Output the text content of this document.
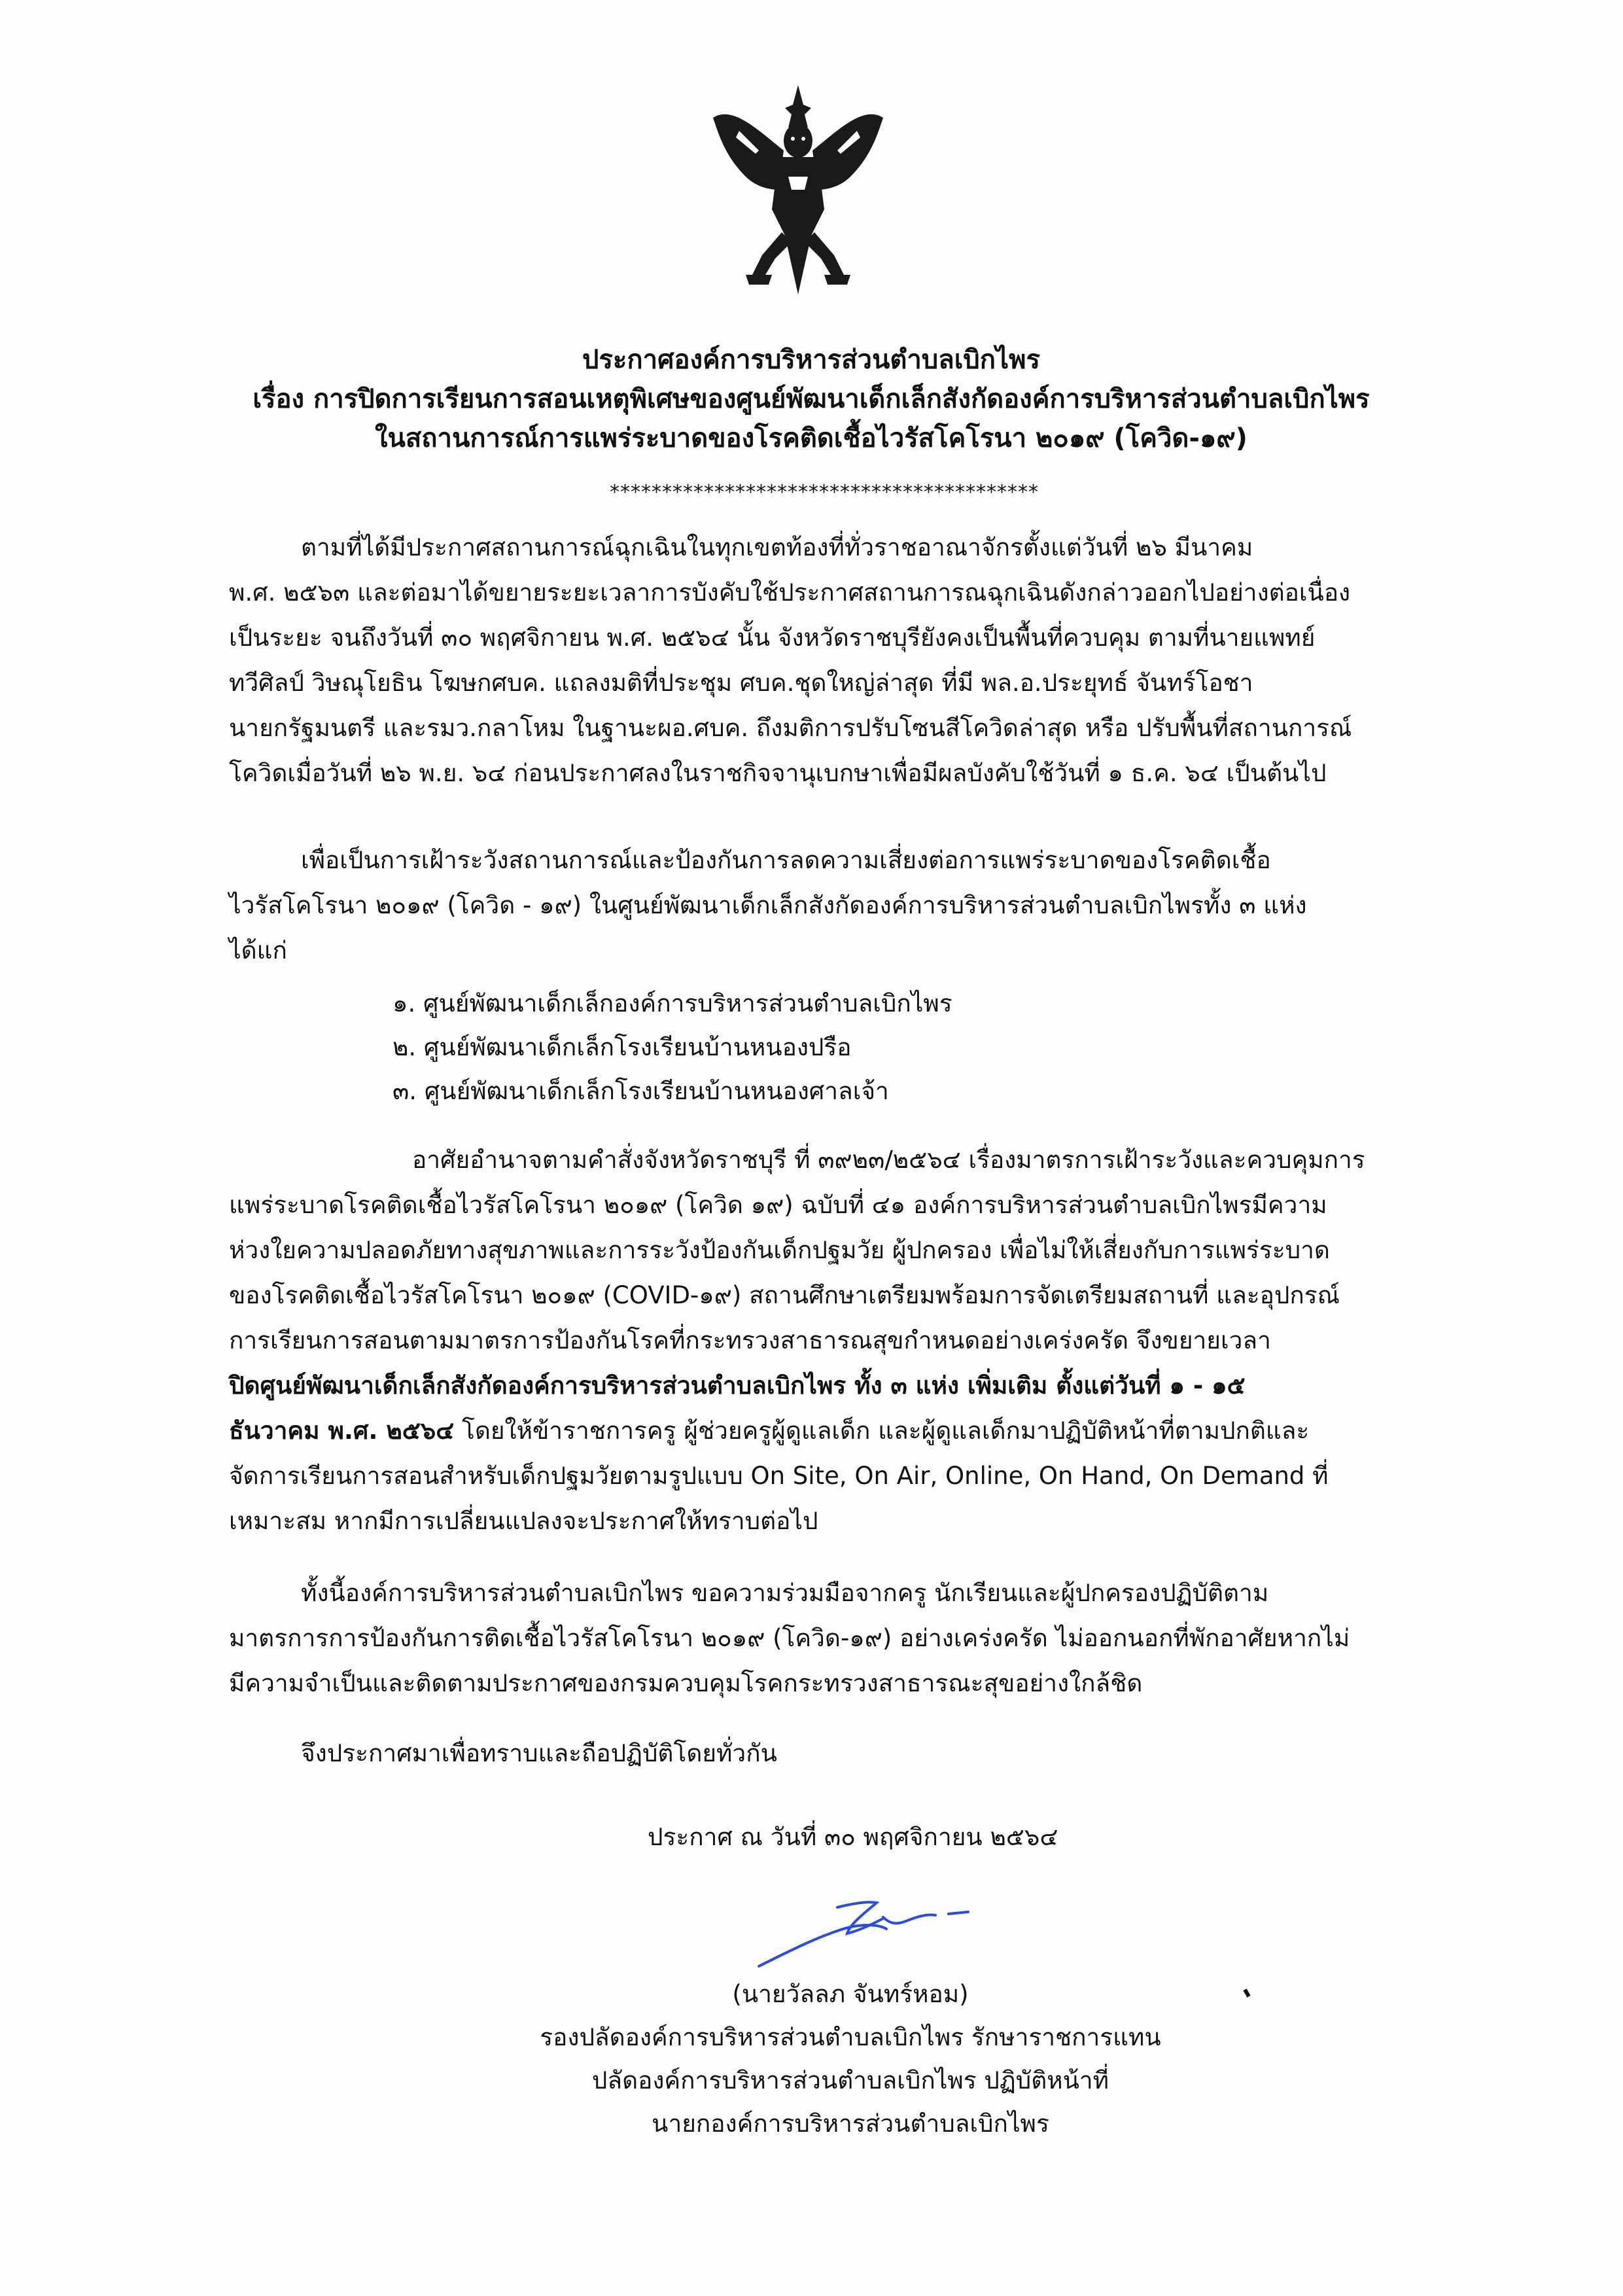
ประกาศองค์การบริหารส่วนตำบลเบิกไพร
เรื่อง การปิดการเรียนการสอนเหตุพิเศษของศูนย์พัฒนาเด็กเล็กสังกัดองค์การบริหารส่วนตำบลเบิกไพร
ในสถานการณ์การแพร่ระบาดของโรคติดเชื้อไวรัสโคโรนา ๒๐๑๙ (โควิด-๑๙)
*****************************************
ตามที่ได้มีประกาศสถานการณ์ฉุกเฉินในทุกเขตท้องที่ทั่วราชอาณาจักรตั้งแต่วันที่ ๒๖ มีนาคม
พ.ศ. ๒๕๖๓ และต่อมาได้ขยายระยะเวลาการบังคับใช้ประกาศสถานการณฉุกเฉินดังกล่าวออกไปอย่างต่อเนื่อง
เป็นระยะ จนถึงวันที่ ๓๐ พฤศจิกายน พ.ศ. ๒๕๖๔ นั้น จังหวัดราชบุรียังคงเป็นพื้นที่ควบคุม ตามที่นายแพทย์
ทวีศิลป์ วิษณุโยธิน โฆษกศบค. แถลงมติที่ประชุม ศบค.ชุดใหญ่ล่าสุด ที่มี พล.อ.ประยุทธ์ จันทร์โอชา
นายกรัฐมนตรี และรมว.กลาโหม ในฐานะผอ.ศบค. ถึงมติการปรับโซนสีโควิดล่าสุด หรือ ปรับพื้นที่สถานการณ์
โควิดเมื่อวันที่ ๒๖ พ.ย. ๖๔ ก่อนประกาศลงในราชกิจจานุเบกษาเพื่อมีผลบังคับใช้วันที่ ๑ ธ.ค. ๖๔ เป็นต้นไป
เพื่อเป็นการเฝ้าระวังสถานการณ์และป้องกันการลดความเสี่ยงต่อการแพร่ระบาดของโรคติดเชื้อ
ไวรัสโคโรนา ๒๐๑๙ (โควิด - ๑๙) ในศูนย์พัฒนาเด็กเล็กสังกัดองค์การบริหารส่วนตำบลเบิกไพรทั้ง ๓ แห่ง
ได้แก่
๑. ศูนย์พัฒนาเด็กเล็กองค์การบริหารส่วนตำบลเบิกไพร
๒. ศูนย์พัฒนาเด็กเล็กโรงเรียนบ้านหนองปรือ
๓. ศูนย์พัฒนาเด็กเล็กโรงเรียนบ้านหนองศาลเจ้า
อาศัยอำนาจตามคำสั่งจังหวัดราชบุรี ที่ ๓๙๒๓/๒๕๖๔ เรื่องมาตรการเฝ้าระวังและควบคุมการ
แพร่ระบาดโรคติดเชื้อไวรัสโคโรนา ๒๐๑๙ (โควิด ๑๙) ฉบับที่ ๔๑ องค์การบริหารส่วนตำบลเบิกไพรมีความ
ห่วงใยความปลอดภัยทางสุขภาพและการระวังป้องกันเด็กปฐมวัย ผู้ปกครอง เพื่อไม่ให้เสี่ยงกับการแพร่ระบาด
ของโรคติดเชื้อไวรัสโคโรนา ๒๐๑๙ (COVID-๑๙) สถานศึกษาเตรียมพร้อมการจัดเตรียมสถานที่ และอุปกรณ์
การเรียนการสอนตามมาตรการป้องกันโรคที่กระทรวงสาธารณสุขกำหนดอย่างเคร่งครัด จึงขยายเวลา
ปิดศูนย์พัฒนาเด็กเล็กสังกัดองค์การบริหารส่วนตำบลเบิกไพร ทั้ง ๓ แห่ง เพิ่มเติม ตั้งแต่วันที่ ๑ - ๑๕
ธันวาคม พ.ศ. ๒๕๖๔ โดยให้ข้าราชการครู ผู้ช่วยครูผู้ดูแลเด็ก และผู้ดูแลเด็กมาปฏิบัติหน้าที่ตามปกติและ
จัดการเรียนการสอนสำหรับเด็กปฐมวัยตามรูปแบบ On Site, On Air, Online, On Hand, On Demand ที่
เหมาะสม หากมีการเปลี่ยนแปลงจะประกาศให้ทราบต่อไป
ทั้งนี้องค์การบริหารส่วนตำบลเบิกไพร ขอความร่วมมือจากครู นักเรียนและผู้ปกครองปฏิบัติตาม
มาตรการการป้องกันการติดเชื้อไวรัสโคโรนา ๒๐๑๙ (โควิด-๑๙) อย่างเคร่งครัด ไม่ออกนอกที่พักอาศัยหากไม่
มีความจำเป็นและติดตามประกาศของกรมควบคุมโรคกระทรวงสาธารณะสุขอย่างใกล้ชิด
จึงประกาศมาเพื่อทราบและถือปฏิบัติโดยทั่วกัน
ประกาศ ณ วันที่ ๓๐ พฤศจิกายน ๒๕๖๔
(นายวัลลภ จันทร์หอม)
รองปลัดองค์การบริหารส่วนตำบลเบิกไพร รักษาราชการแทน
ปลัดองค์การบริหารส่วนตำบลเบิกไพร ปฏิบัติหน้าที่
นายกองค์การบริหารส่วนตำบลเบิกไพร
